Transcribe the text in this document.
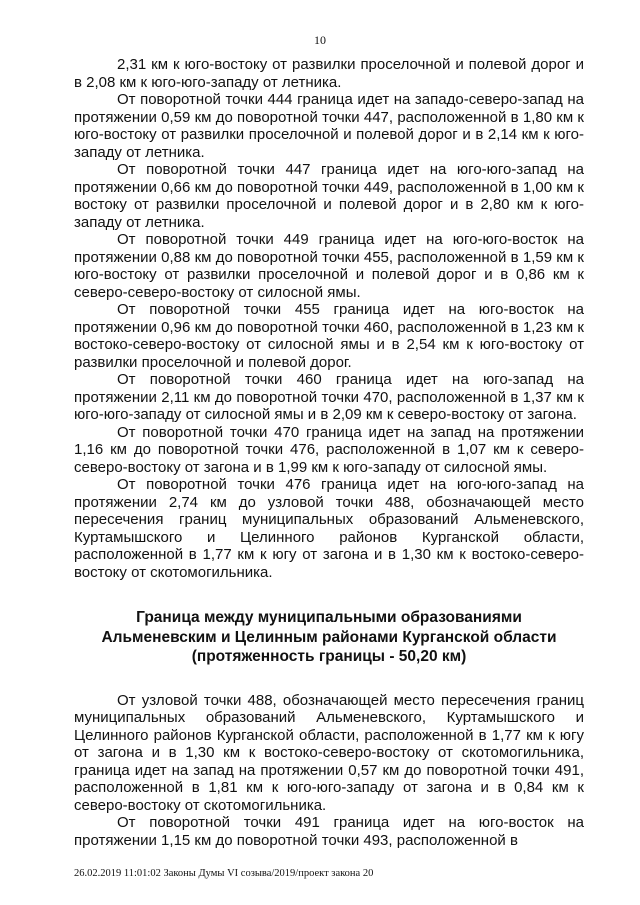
10

2,31 км к юго-востоку от развилки проселочной и полевой дорог и в 2,08 км к юго-юго-западу от летника.

От поворотной точки 444 граница идет на западо-северо-запад на протяжении 0,59 км до поворотной точки 447, расположенной в 1,80 км к юго-востоку от развилки проселочной и полевой дорог и в 2,14 км к юго-западу от летника.

От поворотной точки 447 граница идет на юго-юго-запад на протяжении 0,66 км до поворотной точки 449, расположенной в 1,00 км к востоку от развилки проселочной и полевой дорог и в 2,80 км к юго-западу от летника.

От поворотной точки 449 граница идет на юго-юго-восток на протяжении 0,88 км до поворотной точки 455, расположенной в 1,59 км к юго-востоку от развилки проселочной и полевой дорог и в 0,86 км к северо-северо-востоку от силосной ямы.

От поворотной точки 455 граница идет на юго-восток на протяжении 0,96 км до поворотной точки 460, расположенной в 1,23 км к востоко-северо-востоку от силосной ямы и в 2,54 км к юго-востоку от развилки проселочной и полевой дорог.

От поворотной точки 460 граница идет на юго-запад на протяжении 2,11 км до поворотной точки 470, расположенной в 1,37 км к юго-юго-западу от силосной ямы и в 2,09 км к северо-востоку от загона.

От поворотной точки 470 граница идет на запад на протяжении 1,16 км до поворотной точки 476, расположенной в 1,07 км к северо-северо-востоку от загона и в 1,99 км к юго-западу от силосной ямы.

От поворотной точки 476 граница идет на юго-юго-запад на протяжении 2,74 км до узловой точки 488, обозначающей место пересечения границ муниципальных образований Альменевского, Куртамышского и Целинного районов Курганской области, расположенной в 1,77 км к югу от загона и в 1,30 км к востоко-северо-востоку от скотомогильника.

Граница между муниципальными образованиями
Альменевским и Целинным районами Курганской области
(протяженность границы - 50,20 км)

От узловой точки 488, обозначающей место пересечения границ муниципальных образований Альменевского, Куртамышского и Целинного районов Курганской области, расположенной в 1,77 км к югу от загона и в 1,30 км к востоко-северо-востоку от скотомогильника, граница идет на запад на протяжении 0,57 км до поворотной точки 491, расположенной в 1,81 км к юго-юго-западу от загона и в 0,84 км к северо-востоку от скотомогильника.

От поворотной точки 491 граница идет на юго-восток на протяжении 1,15 км до поворотной точки 493, расположенной в

26.02.2019 11:01:02 Законы Думы VI созыва/2019/проект закона 20
